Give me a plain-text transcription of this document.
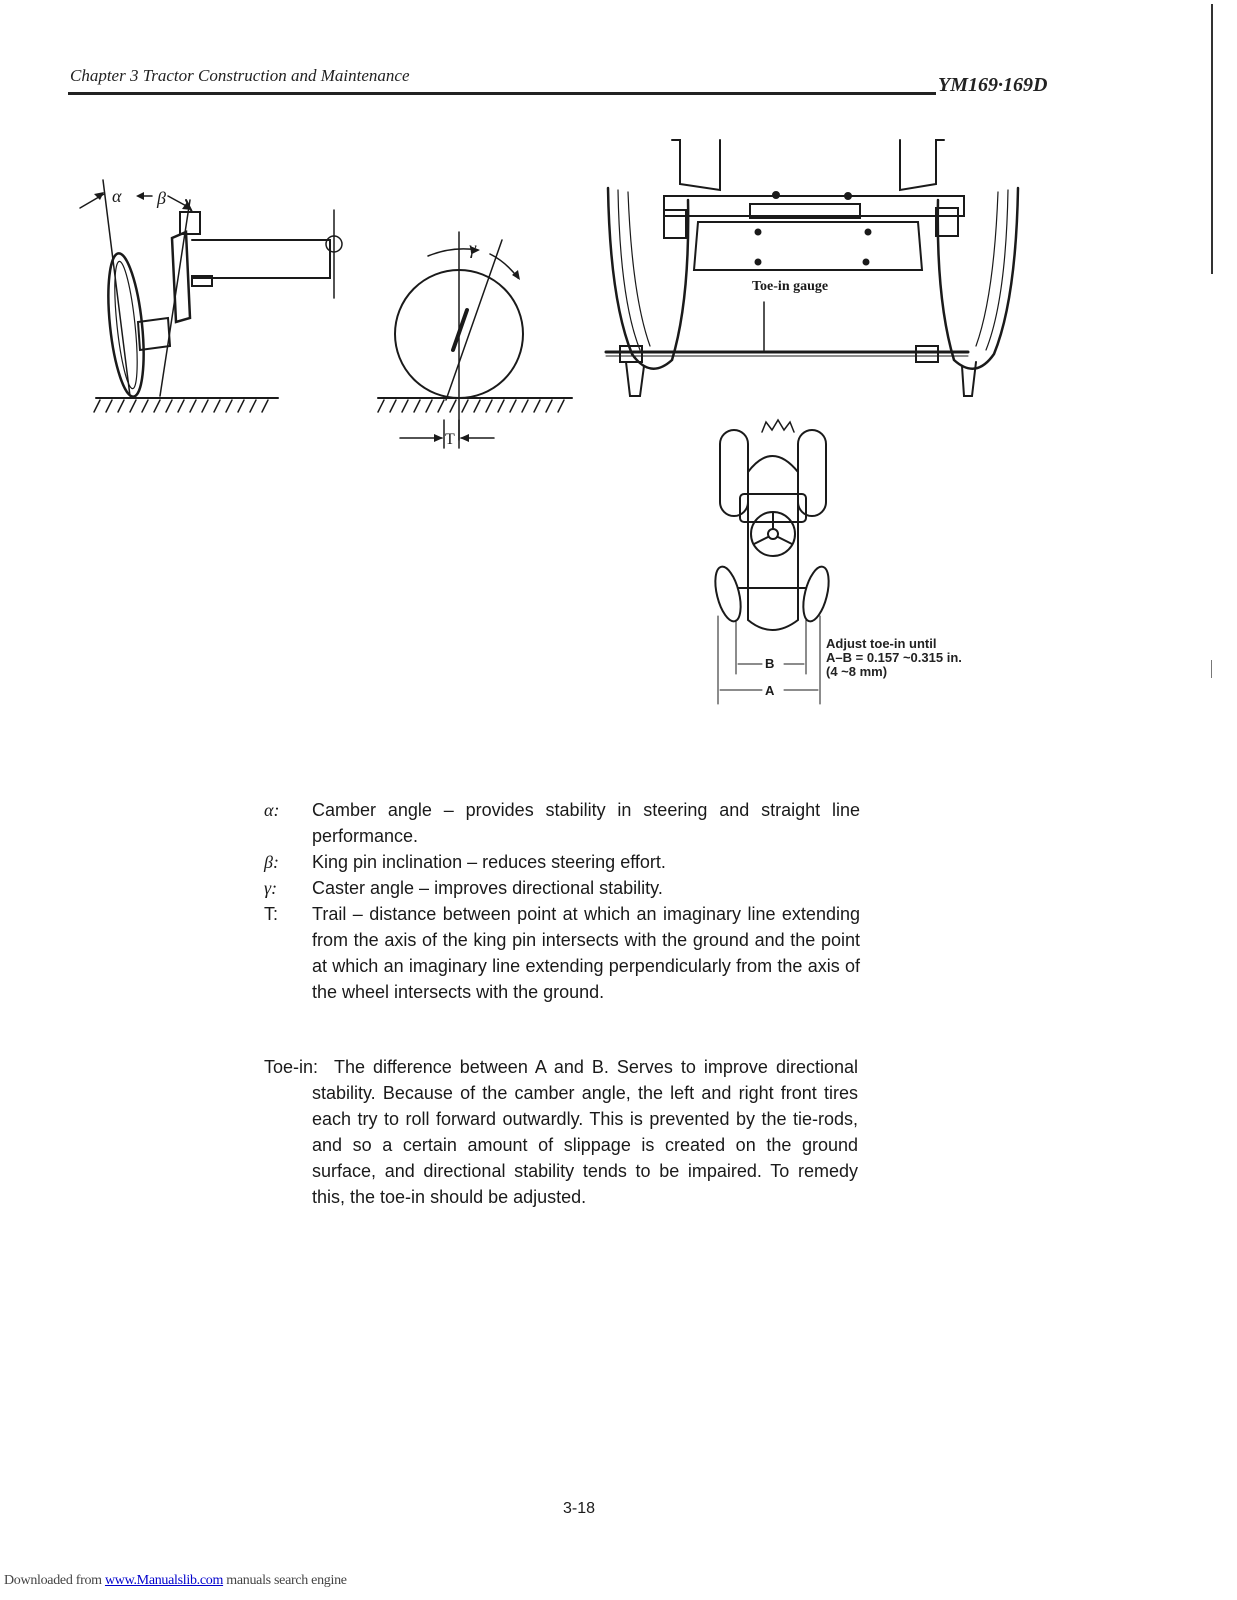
Chapter 3 Tractor Construction and Maintenance	YM169·169D
α β
γ
T
Toe-in gauge
B
A
Adjust toe-in until
A–B = 0.157 ~0.315 in.
(4 ~8 mm)
α:	Camber angle – provides stability in steering and straight line performance.
β:	King pin inclination – reduces steering effort.
γ:	Caster angle – improves directional stability.
T:	Trail – distance between point at which an imaginary line extending from the axis of the king pin intersects with the ground and the point at which an imaginary line extending perpendicularly from the axis of the wheel intersects with the ground.

Toe-in: The difference between A and B. Serves to improve directional stability. Because of the camber angle, the left and right front tires each try to roll forward outwardly. This is prevented by the tie-rods, and so a certain amount of slippage is created on the ground surface, and directional stability tends to be impaired. To remedy this, the toe-in should be adjusted.

3-18
Downloaded from www.Manualslib.com manuals search engine
